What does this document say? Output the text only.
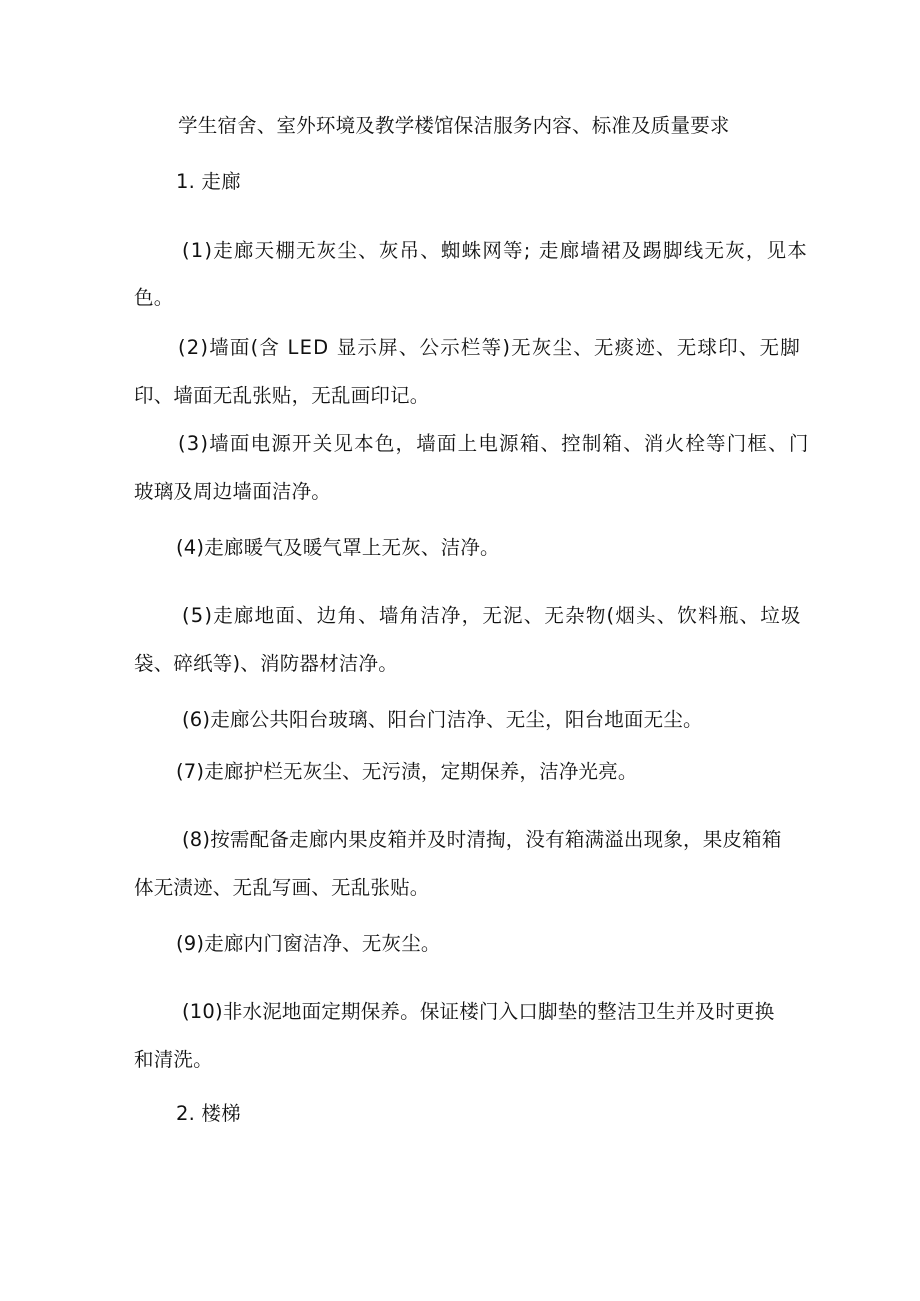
学生宿舍、室外环境及教学楼馆保洁服务内容、标准及质量要求
1. 走廊
(1)走廊天棚无灰尘、灰吊、蜘蛛网等; 走廊墙裙及踢脚线无灰，见本
色。
(2)墙面(含 LED 显示屏、公示栏等)无灰尘、无痰迹、无球印、无脚
印、墙面无乱张贴，无乱画印记。
(3)墙面电源开关见本色，墙面上电源箱、控制箱、消火栓等门框、门
玻璃及周边墙面洁净。
(4)走廊暖气及暖气罩上无灰、洁净。
(5)走廊地面、边角、墙角洁净，无泥、无杂物(烟头、饮料瓶、垃圾
袋、碎纸等)、消防器材洁净。
(6)走廊公共阳台玻璃、阳台门洁净、无尘，阳台地面无尘。
(7)走廊护栏无灰尘、无污渍，定期保养，洁净光亮。
(8)按需配备走廊内果皮箱并及时清掏，没有箱满溢出现象，果皮箱箱
体无渍迹、无乱写画、无乱张贴。
(9)走廊内门窗洁净、无灰尘。
(10)非水泥地面定期保养。保证楼门入口脚垫的整洁卫生并及时更换
和清洗。
2. 楼梯
